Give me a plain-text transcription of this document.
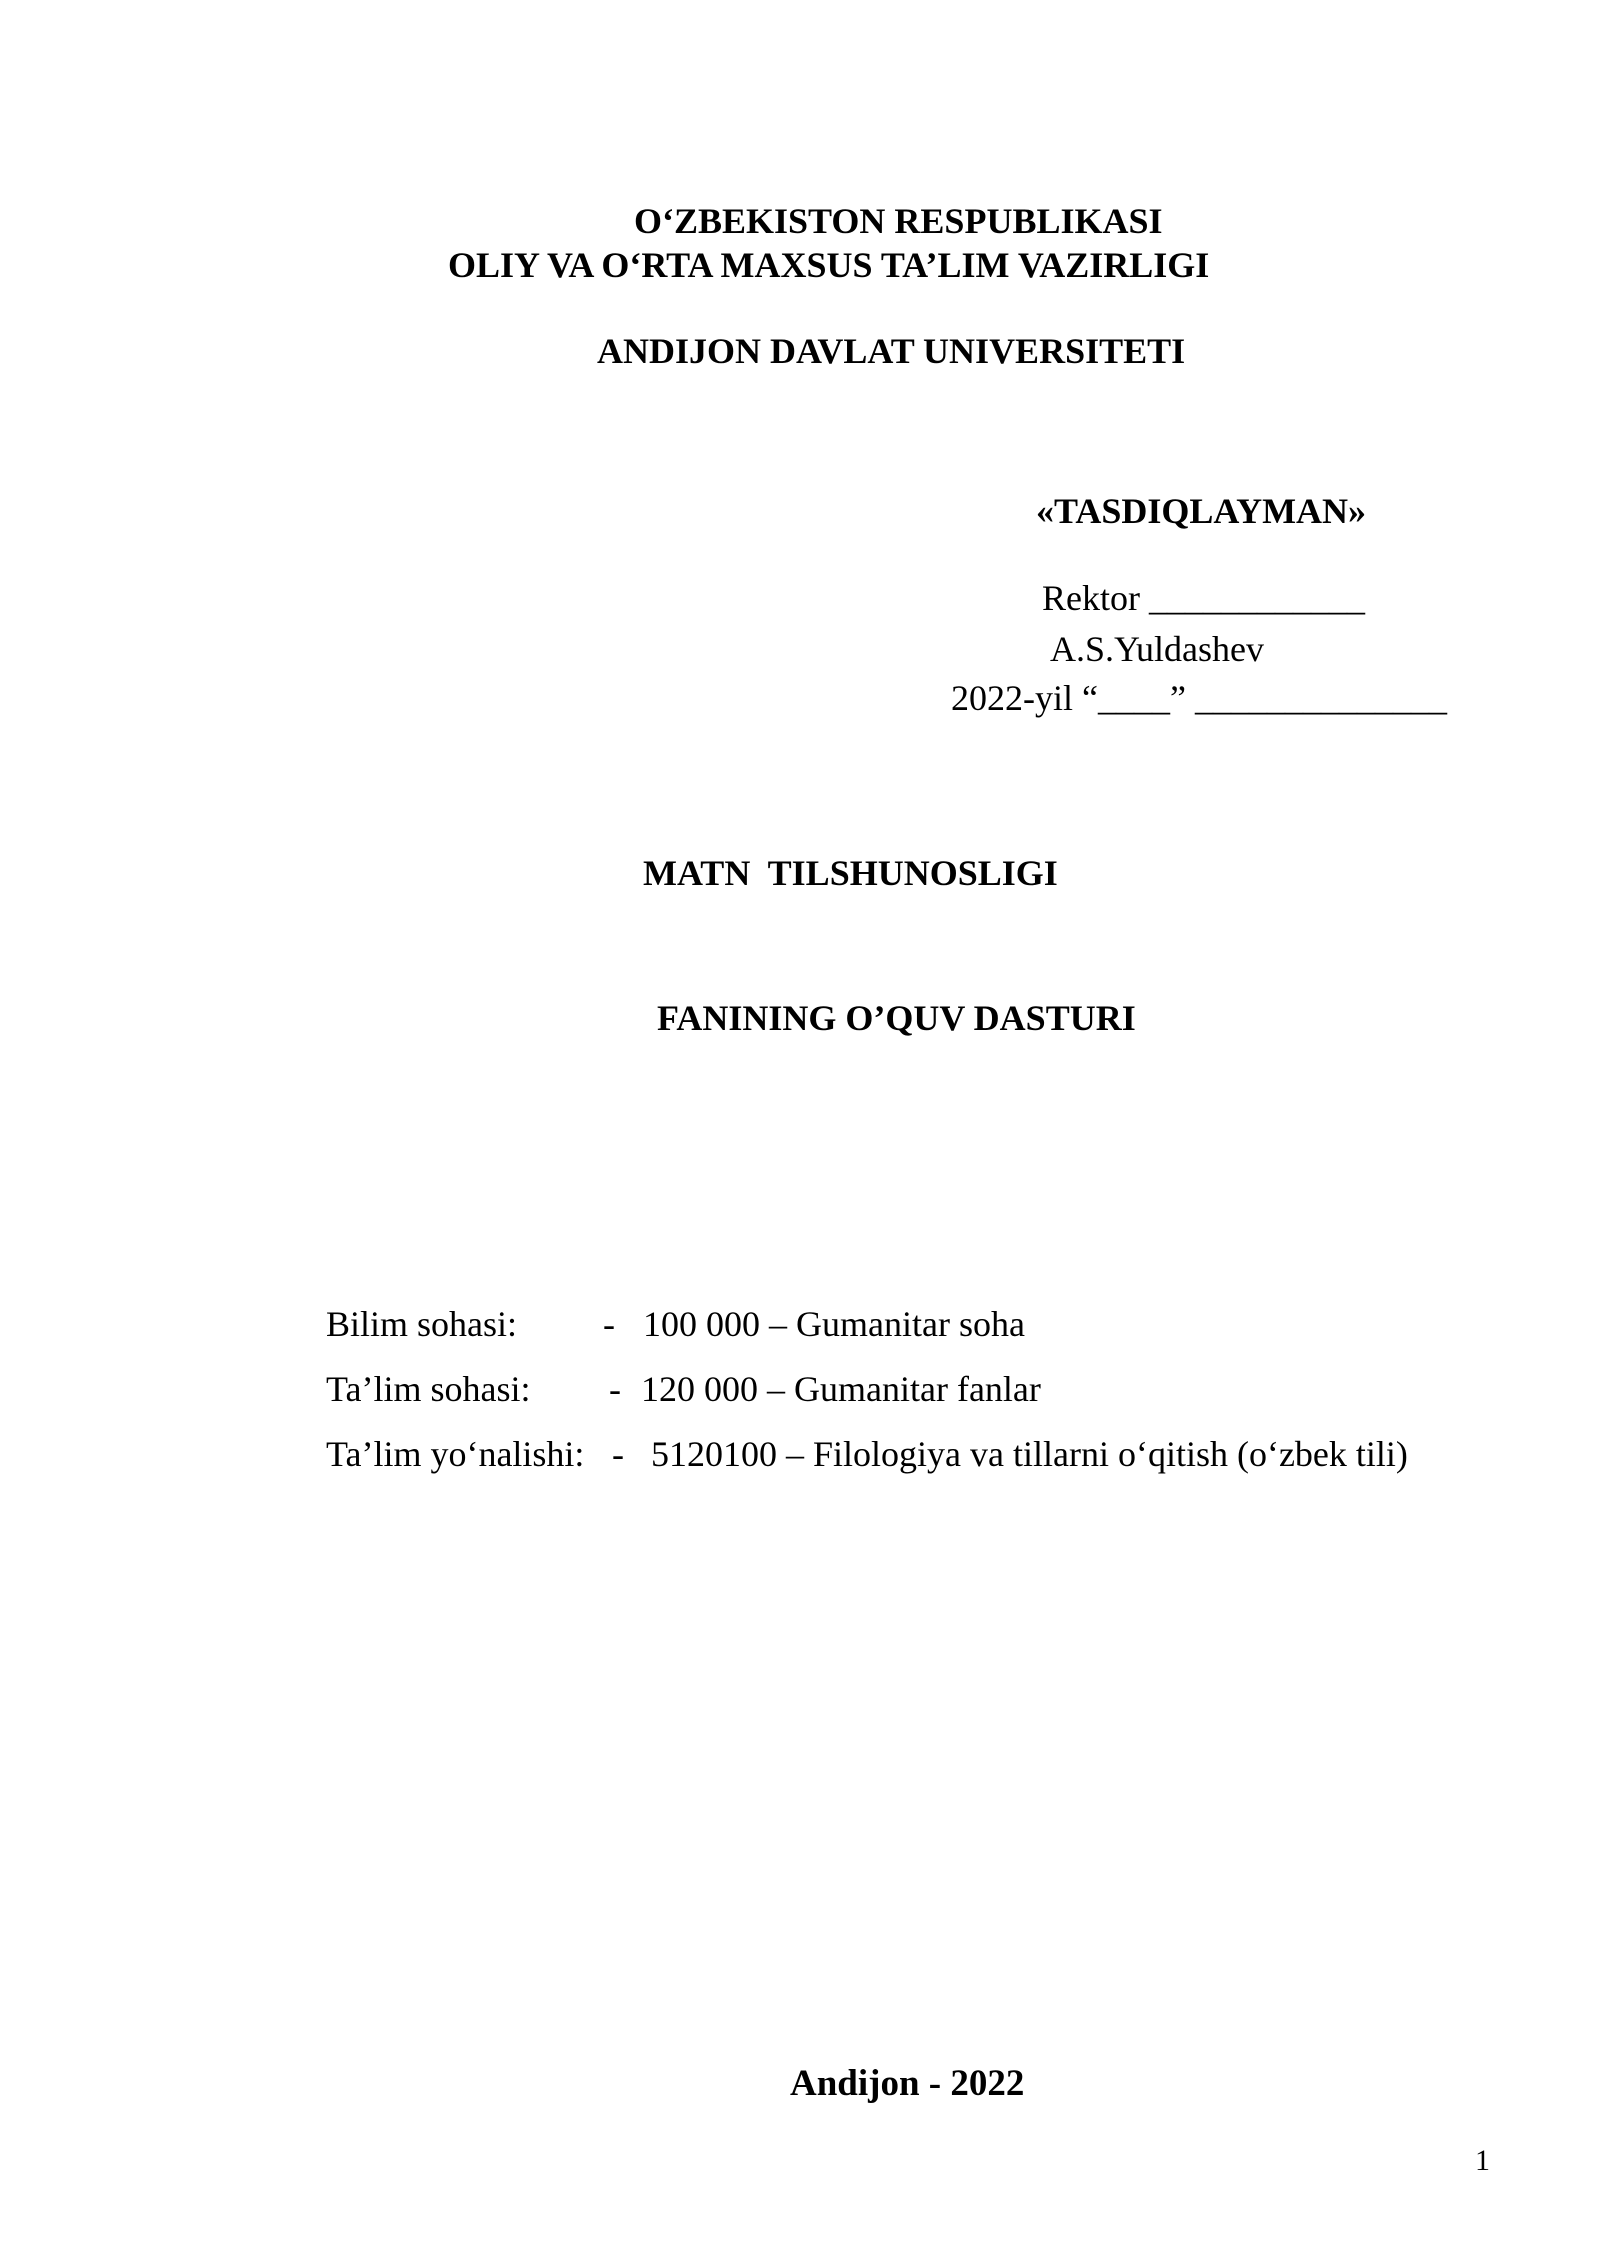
O‘ZBEKISTON RESPUBLIKASI
OLIY VA O‘RTA MAXSUS TA’LIM VAZIRLIGI
ANDIJON DAVLAT UNIVERSITETI
«TASDIQLAYMAN»
Rektor ____________
A.S.Yuldashev
2022-yil “____” ______________
MATN  TILSHUNOSLIGI
FANINING O’QUV DASTURI
Bilim sohasi: - 100 000 – Gumanitar soha
Ta’lim sohasi: - 120 000 – Gumanitar fanlar
Ta’lim yo‘nalishi: - 5120100 – Filologiya va tillarni o‘qitish (o‘zbek tili)
Andijon - 2022
1
